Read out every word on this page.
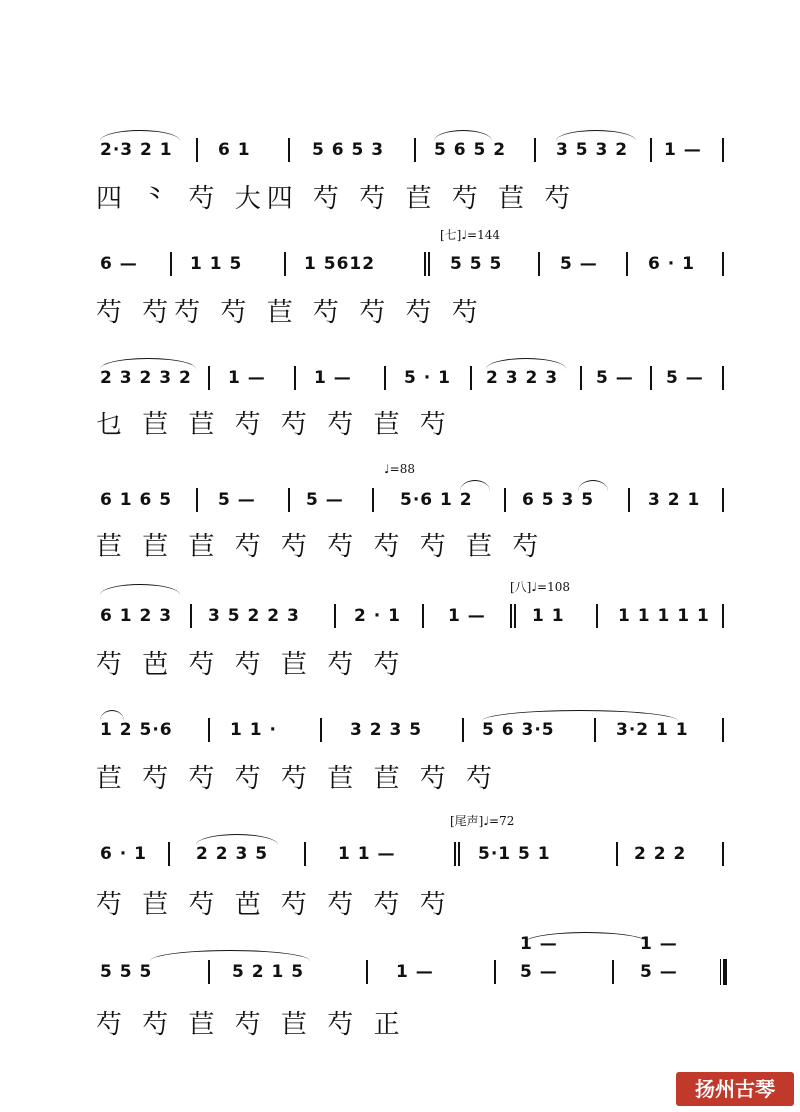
2·3 2 1	6 1	5 6 5 3	5 6 5 2	3 5 3 2 1 —
四 ⺀ 芍 大四 芍 芍 苣 芍 苣 芍
[七]♩=144
6 —	1 1 5	1 5612	5 5 5	5 —	6 · 1
芍 芍芍 芍 苣 芍 芍 芍 芍
2 3 2 3 2 1 —	1 —	5 · 1 2 3 2 3 5 — 5 —
乜 苣 苣 芍 芍 芍 苣 芍
♩=88
6 1 6 5	5 —	5 —	5·6 1 2	6 5 3 5	3 2 1
苣 苣 苣 芍 芍 芍 芍 芍 苣 芍
[八]♩=108
6 1 2 3 3 5 2 2 3	2 · 1	1 —	1 1	1 1 1 1 1
芍 芭 芍 芍 苣 芍 芍
1 2 5·6	1 1 ·	3 2 3 5	5 6 3·5	3·2 1 1
苣 芍 芍 芍 芍 苣 苣 芍 芍
[尾声]♩=72
6 · 1	2 2 3 5	1 1 —	5·1 5 1	2 2 2
芍 苣 芍 芭 芍 芍 芍 芍
1 —	1 —
5 5 5	5 2 1 5	1 —	5 —	5 —
芍 芍 苣 芍 苣 芍 正
扬州古琴
